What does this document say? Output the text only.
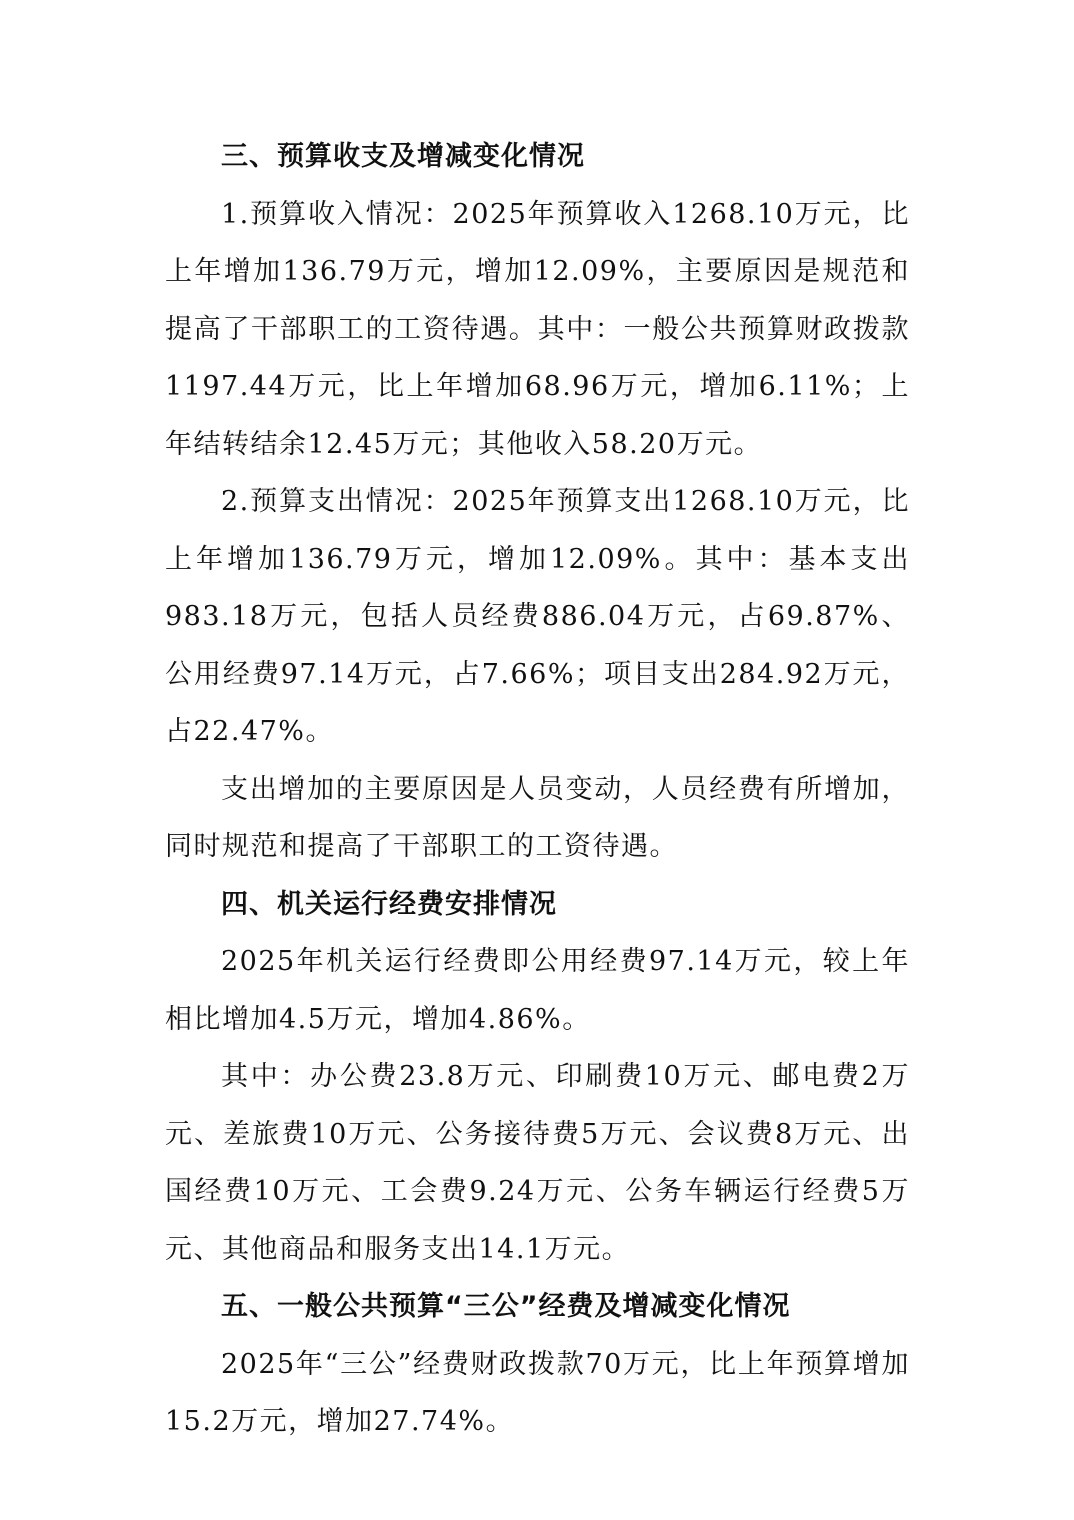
三、预算收支及增减变化情况

1.预算收入情况：2025年预算收入1268.10万元，比上年增加136.79万元，增加12.09%，主要原因是规范和提高了干部职工的工资待遇。其中：一般公共预算财政拨款1197.44万元，比上年增加68.96万元，增加6.11%；上年结转结余12.45万元；其他收入58.20万元。

2.预算支出情况：2025年预算支出1268.10万元，比上年增加136.79万元，增加12.09%。其中：基本支出983.18万元，包括人员经费886.04万元，占69.87%、公用经费97.14万元，占7.66%；项目支出284.92万元，占22.47%。

支出增加的主要原因是人员变动，人员经费有所增加，同时规范和提高了干部职工的工资待遇。

四、机关运行经费安排情况

2025年机关运行经费即公用经费97.14万元，较上年相比增加4.5万元，增加4.86%。

其中：办公费23.8万元、印刷费10万元、邮电费2万元、差旅费10万元、公务接待费5万元、会议费8万元、出国经费10万元、工会费9.24万元、公务车辆运行经费5万元、其他商品和服务支出14.1万元。

五、一般公共预算“三公”经费及增减变化情况

2025年“三公”经费财政拨款70万元，比上年预算增加15.2万元，增加27.74%。
